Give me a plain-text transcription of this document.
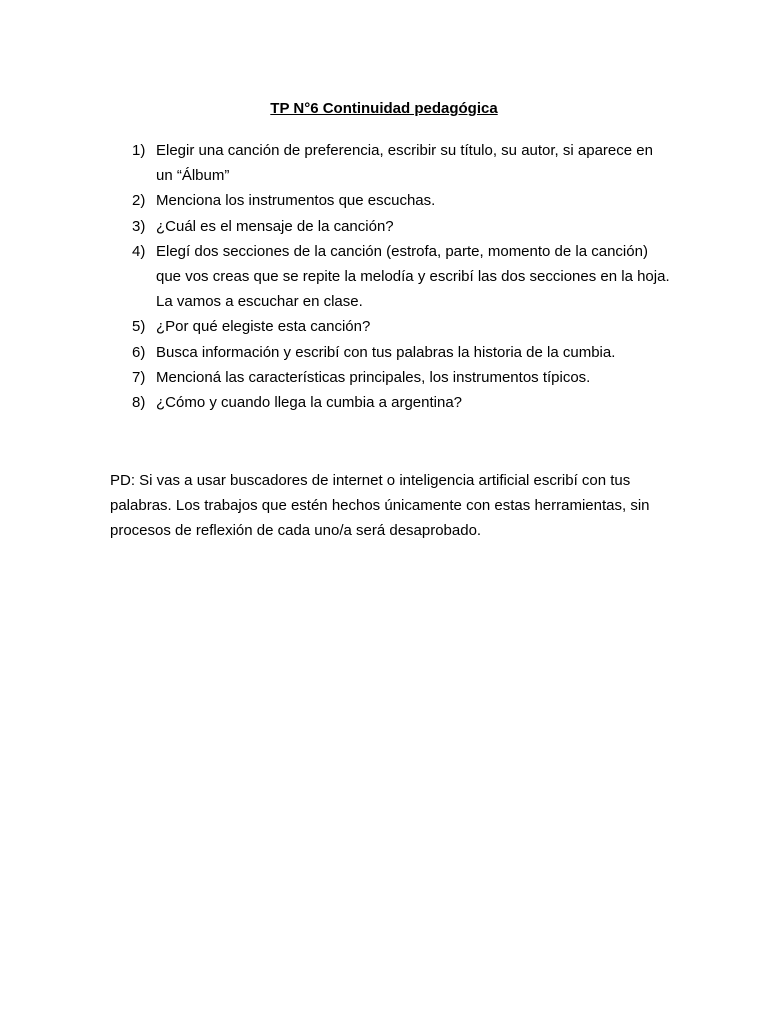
TP N°6 Continuidad pedagógica
1) Elegir una canción de preferencia, escribir su título, su autor, si aparece en un “Álbum”
2) Menciona los instrumentos que escuchas.
3) ¿Cuál es el mensaje de la canción?
4) Elegí dos secciones de la canción (estrofa, parte, momento de la canción) que vos creas que se repite la melodía y escribí las dos secciones en la hoja. La vamos a escuchar en clase.
5) ¿Por qué elegiste esta canción?
6) Busca información y escribí con tus palabras la historia de la cumbia.
7) Mencioná las características principales, los instrumentos típicos.
8) ¿Cómo y cuando llega la cumbia a argentina?

PD: Si vas a usar buscadores de internet o inteligencia artificial escribí con tus palabras. Los trabajos que estén hechos únicamente con estas herramientas, sin procesos de reflexión de cada uno/a será desaprobado.
